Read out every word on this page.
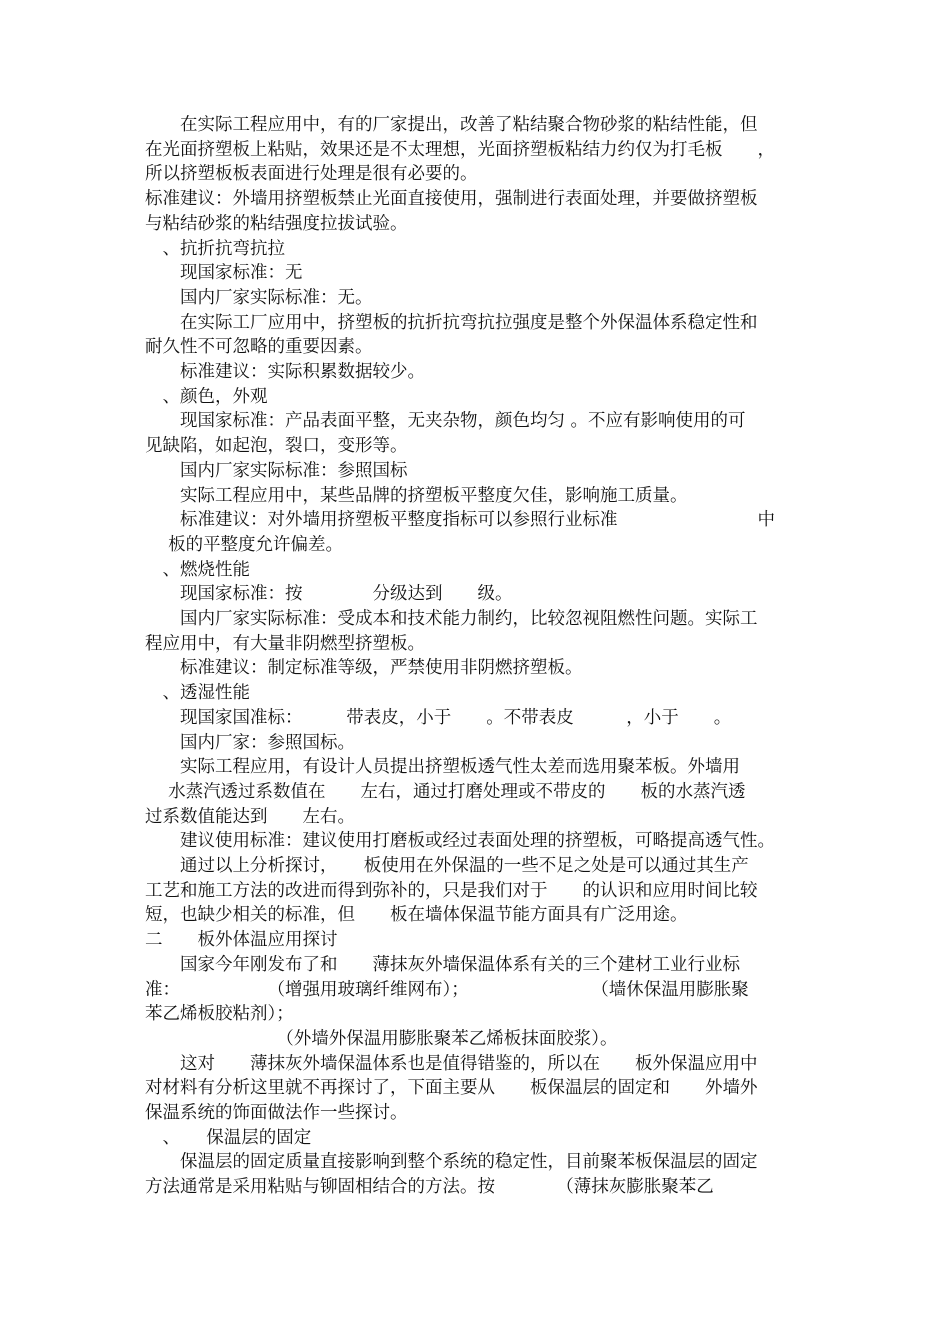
　　在实际工程应用中，有的厂家提出，改善了粘结聚合物砂浆的粘结性能，但

在光面挤塑板上粘贴，效果还是不太理想，光面挤塑板粘结力约仅为打毛板　　，

所以挤塑板板表面进行处理是很有必要的。

标准建议：外墙用挤塑板禁止光面直接使用，强制进行表面处理，并要做挤塑板

与粘结砂浆的粘结强度拉拔试验。

　、抗折抗弯抗拉

　　现国家标准：无

　　国内厂家实际标准：无。

　　在实际工厂应用中，挤塑板的抗折抗弯抗拉强度是整个外保温体系稳定性和

耐久性不可忽略的重要因素。

　　标准建议：实际积累数据较少。

　、颜色，外观

　　现国家标准：产品表面平整，无夹杂物，颜色均匀 。不应有影响使用的可

见缺陷，如起泡，裂口，变形等。

　　国内厂家实际标准：参照国标

　　实际工程应用中，某些品牌的挤塑板平整度欠佳，影响施工质量。

　　标准建议：对外墙用挤塑板平整度指标可以参照行业标准　　　　　　　　中

　 板的平整度允许偏差。

　、燃烧性能

　　现国家标准：按　　　　分级达到　　级。

　　国内厂家实际标准：受成本和技术能力制约，比较忽视阻燃性问题。实际工

程应用中，有大量非阴燃型挤塑板。

　　标准建议：制定标准等级，严禁使用非阴燃挤塑板。

　、透湿性能

　　现国家国准标：　　　带表皮，小于　　。不带表皮　　　，小于　　。

　　国内厂家：参照国标。

　　实际工程应用，有设计人员提出挤塑板透气性太差而选用聚苯板。外墙用

　 水蒸汽透过系数值在　　左右，通过打磨处理或不带皮的　　板的水蒸汽透

过系数值能达到　　左右。

　　建议使用标准：建议使用打磨板或经过表面处理的挤塑板，可略提高透气性。

　　通过以上分析探讨，　　板使用在外保温的一些不足之处是可以通过其生产

工艺和施工方法的改进而得到弥补的，只是我们对于　　的认识和应用时间比较

短，也缺少相关的标准，但　　板在墙体保温节能方面具有广泛用途。

二　　板外体温应用探讨

　　国家今年刚发布了和　　薄抹灰外墙保温体系有关的三个建材工业行业标

准：　　　　　　（增强用玻璃纤维网布）；　　　　　　　　（墙休保温用膨胀聚

苯乙烯板胶粘剂）；

　　　　　　　　（外墙外保温用膨胀聚苯乙烯板抹面胶浆）。

　　这对　　薄抹灰外墙保温体系也是值得错鉴的，所以在　　板外保温应用中

对材料有分析这里就不再探讨了，下面主要从　　板保温层的固定和　　外墙外

保温系统的饰面做法作一些探讨。

　、　　保温层的固定

　　保温层的固定质量直接影响到整个系统的稳定性，目前聚苯板保温层的固定

方法通常是采用粘贴与铆固相结合的方法。按　　　　（薄抹灰膨胀聚苯乙
